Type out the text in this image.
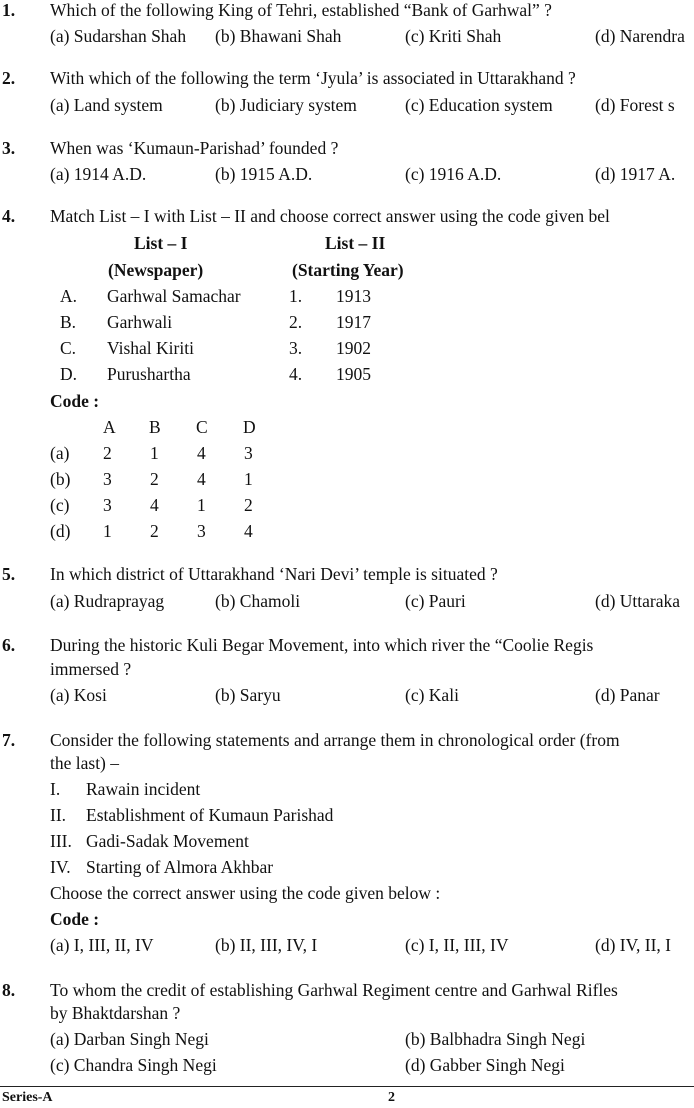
1. Which of the following King of Tehri, established “Bank of Garhwal” ?
(a) Sudarshan Shah (b) Bhawani Shah	(c) Kriti Shah	(d) Narendra
2. With which of the following the term ‘Jyula’ is associated in Uttarakhand ?
(a) Land system	(b) Judiciary system	(c) Education system (d) Forest s
3. When was ‘Kumaun-Parishad’ founded ?
(a) 1914 A.D.	(b) 1915 A.D.	(c) 1916 A.D.	(d) 1917 A.
4. Match List – I with List – II and choose correct answer using the code given bel
List – I	List – II
(Newspaper)	(Starting Year)
A. Garhwal Samachar	1. 1913
B. Garhwali	2. 1917
C. Vishal Kiriti	3. 1902
D. Purushartha	4. 1905
Code :
A B C D
(a) 2 1 4 3
(b) 3 2 4 1
(c) 3 4 1 2
(d) 1 2 3 4
5. In which district of Uttarakhand ‘Nari Devi’ temple is situated ?
(a) Rudraprayag	(b) Chamoli	(c) Pauri	(d) Uttaraka
6. During the historic Kuli Begar Movement, into which river the “Coolie Regis
immersed ?
(a) Kosi	(b) Saryu	(c) Kali	(d) Panar
7. Consider the following statements and arrange them in chronological order (from
the last) –
I. Rawain incident
II. Establishment of Kumaun Parishad
III. Gadi-Sadak Movement
IV. Starting of Almora Akhbar
Choose the correct answer using the code given below :
Code :
(a) I, III, II, IV	(b) II, III, IV, I	(c) I, II, III, IV	(d) IV, II, I
8. To whom the credit of establishing Garhwal Regiment centre and Garhwal Rifles
by Bhaktdarshan ?
(a) Darban Singh Negi	(b) Balbhadra Singh Negi
(c) Chandra Singh Negi	(d) Gabber Singh Negi
Series-A	2
